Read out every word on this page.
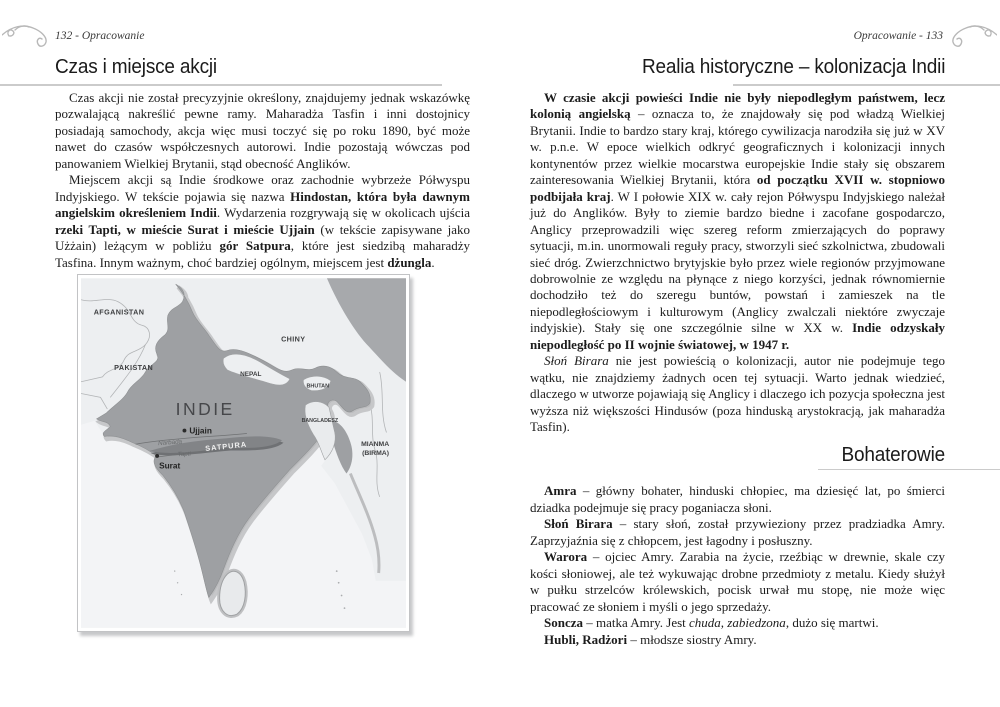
132 - Opracowanie	Opracowanie - 133
Czas i miejsce akcji	Realia historyczne – kolonizacja Indii

Czas akcji nie został precyzyjnie określony, znajdujemy jednak wskazówkę pozwalającą nakreślić pewne ramy. Maharadża Tasfin i inni dostojnicy posiadają samochody, akcja więc musi toczyć się po roku 1890, być może nawet do czasów współczesnych autorowi. Indie pozostają wówczas pod panowaniem Wielkiej Brytanii, stąd obecność Anglików.

Miejscem akcji są Indie środkowe oraz zachodnie wybrzeże Półwyspu Indyjskiego. W tekście pojawia się nazwa Hindostan, która była dawnym angielskim określeniem Indii. Wydarzenia rozgrywają się w okolicach ujścia rzeki Tapti, w mieście Surat i mieście Ujjain (w tekście zapisywane jako Użżain) leżącym w pobliżu gór Satpura, które jest siedzibą maharadży Tasfina. Innym ważnym, choć bardziej ogólnym, miejscem jest dżungla.

AFGANISTAN
PAKISTAN
CHINY
NEPAL
BHUTAN
BANGLADESZ
MIANMA
(BIRMA)
INDIE
Ujjain
Surat
Narbada
Tapti
SATPURA

W czasie akcji powieści Indie nie były niepodległym państwem, lecz kolonią angielską – oznacza to, że znajdowały się pod władzą Wielkiej Brytanii. Indie to bardzo stary kraj, którego cywilizacja narodziła się już w XV w. p.n.e. W epoce wielkich odkryć geograficznych i kolonizacji innych kontynentów przez wielkie mocarstwa europejskie Indie stały się obszarem zainteresowania Wielkiej Brytanii, która od początku XVII w. stopniowo podbijała kraj. W I połowie XIX w. cały rejon Półwyspu Indyjskiego należał już do Anglików. Były to ziemie bardzo biedne i zacofane gospodarczo, Anglicy przeprowadzili więc szereg reform zmierzających do poprawy sytuacji, m.in. unormowali reguły pracy, stworzyli sieć szkolnictwa, zbudowali sieć dróg. Zwierzchnictwo brytyjskie było przez wiele regionów przyjmowane dobrowolnie ze względu na płynące z niego korzyści, jednak równomiernie dochodziło też do szeregu buntów, powstań i zamieszek na tle niepodległościowym i kulturowym (Anglicy zwalczali niektóre zwyczaje indyjskie). Stały się one szczególnie silne w XX w. Indie odzyskały niepodległość po II wojnie światowej, w 1947 r.

Słoń Birara nie jest powieścią o kolonizacji, autor nie podejmuje tego wątku, nie znajdziemy żadnych ocen tej sytuacji. Warto jednak wiedzieć, dlaczego w utworze pojawiają się Anglicy i dlaczego ich pozycja społeczna jest wyższa niż większości Hindusów (poza hinduską arystokracją, jak maharadża Tasfin).

Bohaterowie

Amra – główny bohater, hinduski chłopiec, ma dziesięć lat, po śmierci dziadka podejmuje się pracy poganiacza słoni.

Słoń Birara – stary słoń, został przywieziony przez pradziadka Amry. Zaprzyjaźnia się z chłopcem, jest łagodny i posłuszny.

Warora – ojciec Amry. Zarabia na życie, rzeźbiąc w drewnie, skale czy kości słoniowej, ale też wykuwając drobne przedmioty z metalu. Kiedy służył w pułku strzelców królewskich, pocisk urwał mu stopę, nie może więc pracować ze słoniem i myśli o jego sprzedaży.

Soncza – matka Amry. Jest chuda, zabiedzona, dużo się martwi.

Hubli, Radżori – młodsze siostry Amry.
